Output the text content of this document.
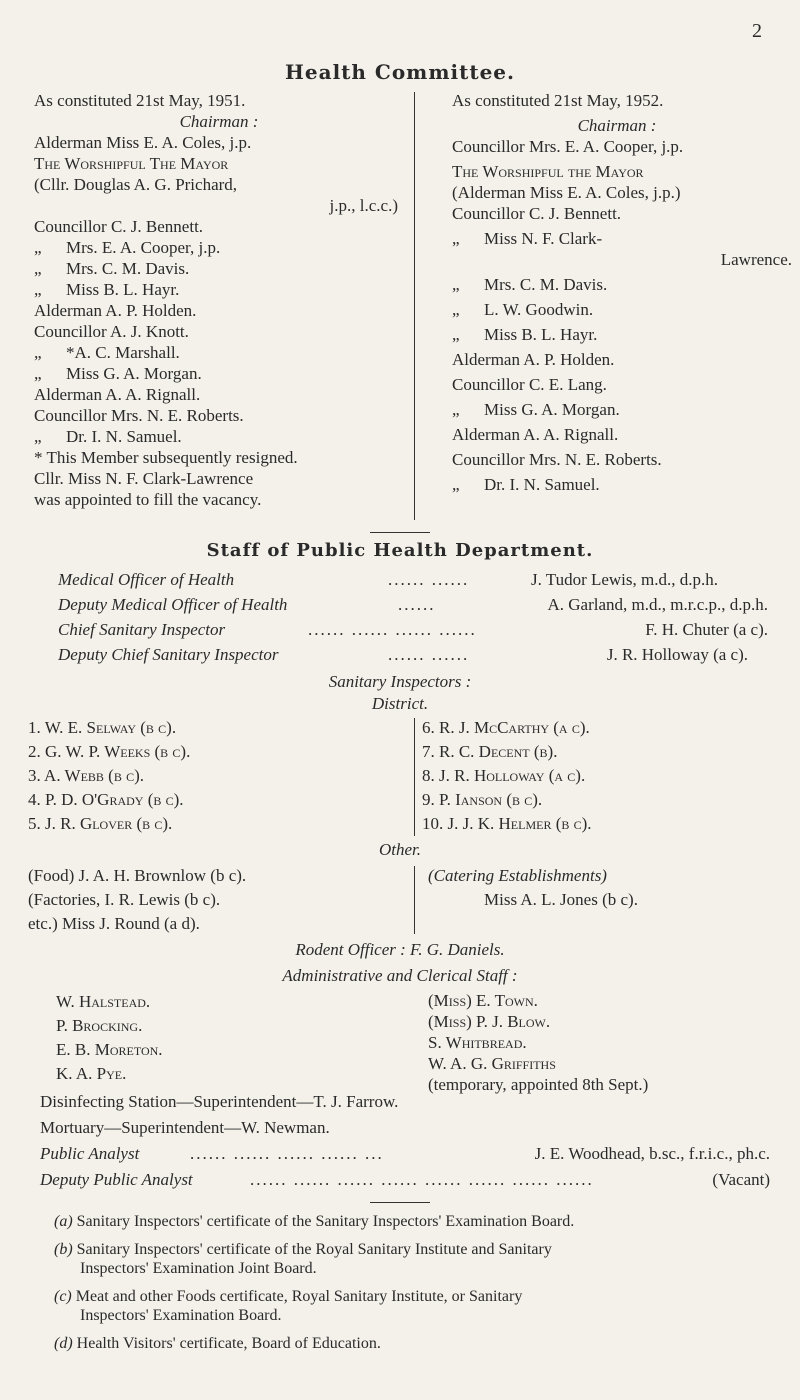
2
Health Committee.
As constituted 21st May, 1951.
Chairman :
Alderman Miss E. A. Coles, j.p.
The Worshipful The Mayor
(Cllr. Douglas A. G. Prichard,
j.p., l.c.c.)
Councillor C. J. Bennett.
„ Mrs. E. A. Cooper, j.p.
„ Mrs. C. M. Davis.
„ Miss B. L. Hayr.
Alderman A. P. Holden.
Councillor A. J. Knott.
„ *A. C. Marshall.
„ Miss G. A. Morgan.
Alderman A. A. Rignall.
Councillor Mrs. N. E. Roberts.
„ Dr. I. N. Samuel.
* This Member subsequently resigned.
Cllr. Miss N. F. Clark-Lawrence
was appointed to fill the vacancy.
As constituted 21st May, 1952.
Chairman :
Councillor Mrs. E. A. Cooper, j.p.
The Worshipful the Mayor
(Alderman Miss E. A. Coles, j.p.)
Councillor C. J. Bennett.
„ Miss N. F. Clark-
Lawrence.
„ Mrs. C. M. Davis.
„ L. W. Goodwin.
„ Miss B. L. Hayr.
Alderman A. P. Holden.
Councillor C. E. Lang.
„ Miss G. A. Morgan.
Alderman A. A. Rignall.
Councillor Mrs. N. E. Roberts.
„ Dr. I. N. Samuel.
Staff of Public Health Department.
Medical Officer of Health	...... ......	J. Tudor Lewis, m.d., d.p.h.
Deputy Medical Officer of Health	......	A. Garland, m.d., m.r.c.p., d.p.h.
Chief Sanitary Inspector	...... ...... ...... ......	F. H. Chuter (a c).
Deputy Chief Sanitary Inspector	...... ......	J. R. Holloway (a c).
Sanitary Inspectors :
District.
1. W. E. Selway (b c).
2. G. W. P. Weeks (b c).
3. A. Webb (b c).
4. P. D. O'Grady (b c).
5. J. R. Glover (b c).
6. R. J. McCarthy (a c).
7. R. C. Decent (b).
8. J. R. Holloway (a c).
9. P. Ianson (b c).
10. J. J. K. Helmer (b c).
Other.
(Food) J. A. H. Brownlow (b c).
(Factories, I. R. Lewis (b c).
etc.) Miss J. Round (a d).
(Catering Establishments)
Miss A. L. Jones (b c).
Rodent Officer : F. G. Daniels.
Administrative and Clerical Staff :
W. Halstead.
P. Brocking.
E. B. Moreton.
K. A. Pye.
(Miss) E. Town.
(Miss) P. J. Blow.
S. Whitbread.
W. A. G. Griffiths
(temporary, appointed 8th Sept.)
Disinfecting Station—Superintendent—T. J. Farrow.
Mortuary—Superintendent—W. Newman.
Public Analyst	...... ...... ...... ...... ...	J. E. Woodhead, b.sc., f.r.i.c., ph.c.
Deputy Public Analyst	...... ...... ...... ...... ...... ...... ...... ......	(Vacant)
(a) Sanitary Inspectors' certificate of the Sanitary Inspectors' Examination Board.
(b) Sanitary Inspectors' certificate of the Royal Sanitary Institute and Sanitary
Inspectors' Examination Joint Board.
(c) Meat and other Foods certificate, Royal Sanitary Institute, or Sanitary
Inspectors' Examination Board.
(d) Health Visitors' certificate, Board of Education.
